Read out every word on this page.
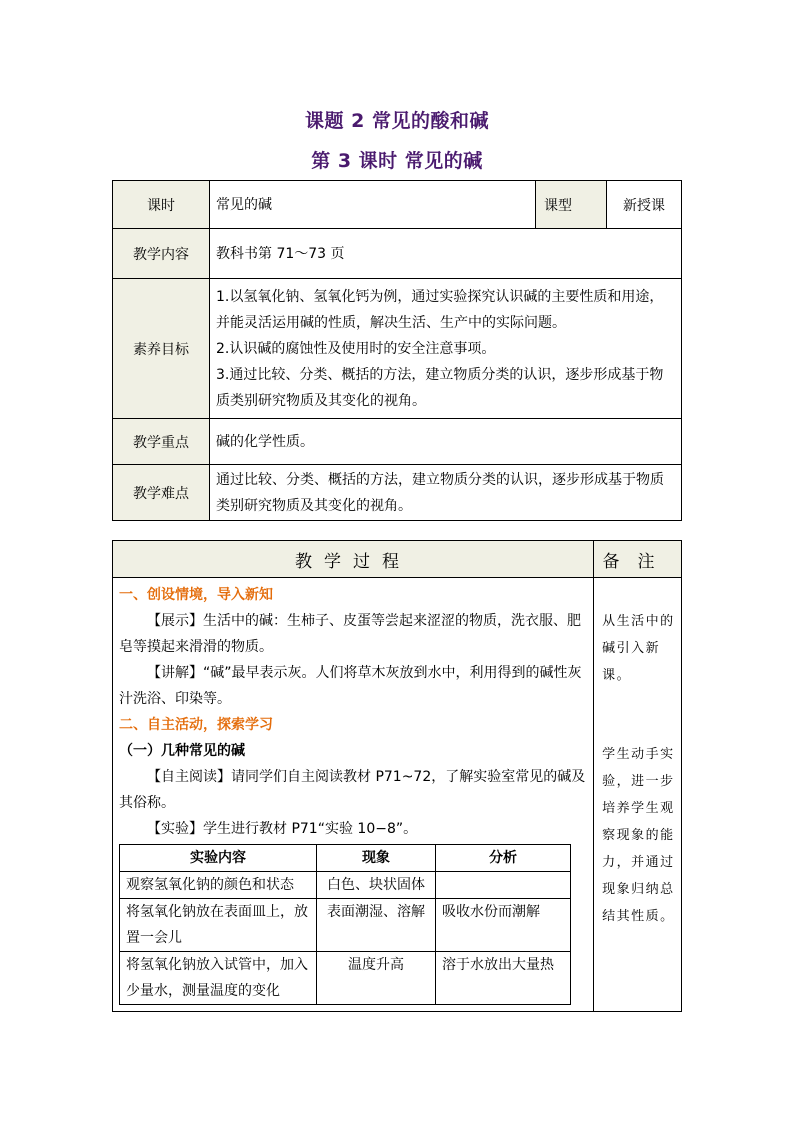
课题 2 常见的酸和碱
第 3 课时 常见的碱
课时	常见的碱	课型	新授课
教学内容	教科书第 71～73 页		
素养目标	1.以氢氧化钠、氢氧化钙为例，通过实验探究认识碱的主要性质和用途，并能灵活运用碱的性质，解决生活、生产中的实际问题。
2.认识碱的腐蚀性及使用时的安全注意事项。
3.通过比较、分类、概括的方法，建立物质分类的认识，逐步形成基于物质类别研究物质及其变化的视角。		

教学重点	碱的化学性质。		
教学难点	通过比较、分类、概括的方法，建立物质分类的认识，逐步形成基于物质类别研究物质及其变化的视角。		
教学过程	备注

一、创设情境，导入新知
【展示】生活中的碱：生柿子、皮蛋等尝起来涩涩的物质，洗衣服、肥皂等摸起来滑滑的物质。
【讲解】“碱”最早表示灰。人们将草木灰放到水中，利用得到的碱性灰汁洗浴、印染等。
二、自主活动，探索学习
（一）几种常见的碱
【自主阅读】请同学们自主阅读教材 P71~72，了解实验室常见的碱及其俗称。
【实验】学生进行教材 P71“实验 10−8”。
实验内容	现象	分析
观察氢氧化钠的颜色和状态	白色、块状固体	
将氢氧化钠放在表面皿上，放置一会儿	表面潮湿、溶解	吸收水份而潮解
将氢氧化钠放入试管中，加入少量水，测量温度的变化	温度升高	溶于水放出大量热

从生活中的碱引入新课。
学生动手实验，进一步培养学生观察现象的能力，并通过现象归纳总结其性质。
